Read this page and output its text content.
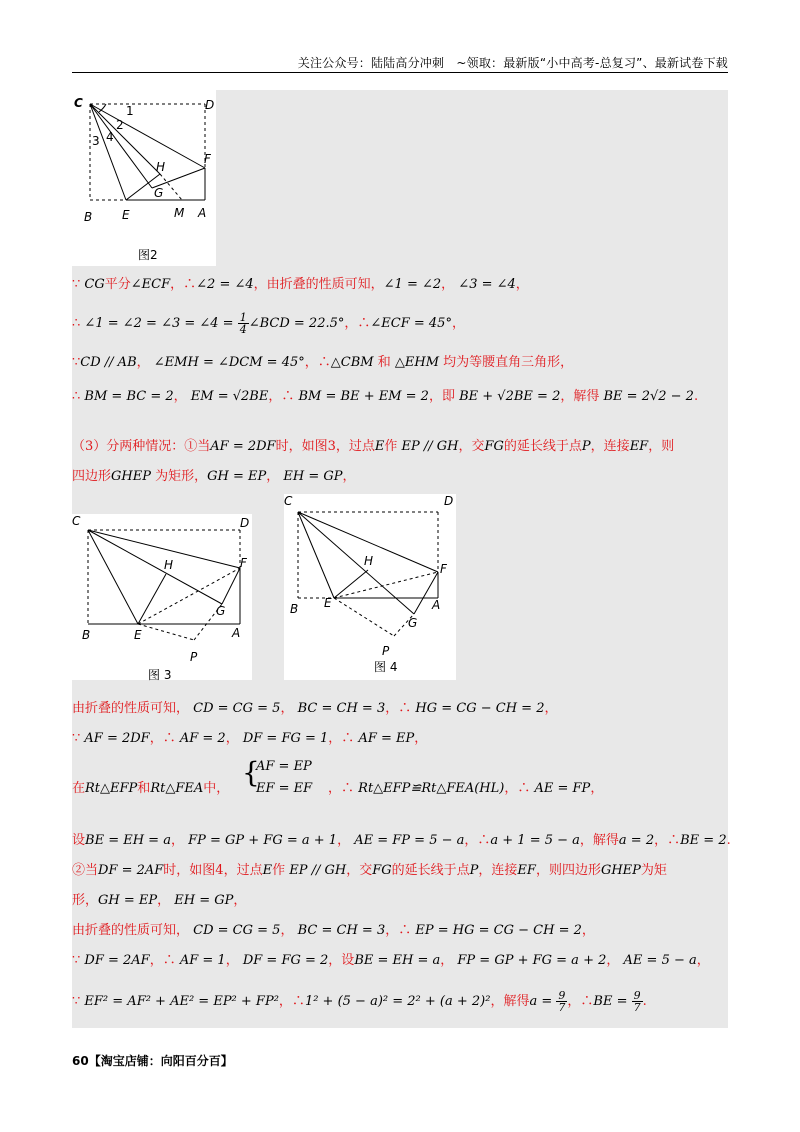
关注公众号：陆陆高分冲刺　~领取：最新版“小中高考-总复习”、最新试卷下载
C	D
F
H
G
B E	M A
1
2
3 4
图2
∵ CG平分∠ECF，∴∠2 = ∠4，由折叠的性质可知，∠1 = ∠2， ∠3 = ∠4，
∴ ∠1 = ∠2 = ∠3 = ∠4 = $\frac{1}{4}$ ∠BCD = 22.5°，∴∠ECF = 45°，
∵CD // AB， ∠EMH = ∠DCM = 45°，∴△CBM 和 △EHM 均为等腰直角三角形，
∴ BM = BC = 2， EM = √2BE，∴ BM = BE + EM = 2，即 BE + √2BE = 2，解得 BE = 2√2 − 2.
（3）分两种情况：①当AF = 2DF时，如图3，过点E作 EP // GH，交FG的延长线于点P，连接EF，则
四边形GHEP 为矩形，GH = EP， EH = GP，
C	D
H	F
G
B	E	A
P
图 3
C	D
H
F
B E	A
G
P
图 4
由折叠的性质可知， CD = CG = 5， BC = CH = 3，∴ HG = CG − CH = 2，
∵ AF = 2DF，∴ AF = 2， DF = FG = 1，∴ AF = EP，
在Rt△EFP和Rt△FEA中， {
AF = EP
EF = EF ，∴ Rt△EFP≌Rt△FEA(HL)，∴ AE = FP，
设BE = EH = a， FP = GP + FG = a + 1， AE = FP = 5 − a，∴a + 1 = 5 − a，解得a = 2，∴BE = 2.
②当DF = 2AF时，如图4，过点E作 EP // GH，交FG的延长线于点P，连接EF，则四边形GHEP为矩
形，GH = EP， EH = GP，
由折叠的性质可知， CD = CG = 5， BC = CH = 3，∴ EP = HG = CG − CH = 2，
∵ DF = 2AF，∴ AF = 1， DF = FG = 2，设BE = EH = a， FP = GP + FG = a + 2， AE = 5 − a，
∵ EF² = AF² + AE² = EP² + FP²，∴1² + (5 − a)² = 2² + (a + 2)²，解得$a = \frac{9}{7}$ ，∴BE = $\frac{9}{7}$ .
60【淘宝店铺：向阳百分百】
